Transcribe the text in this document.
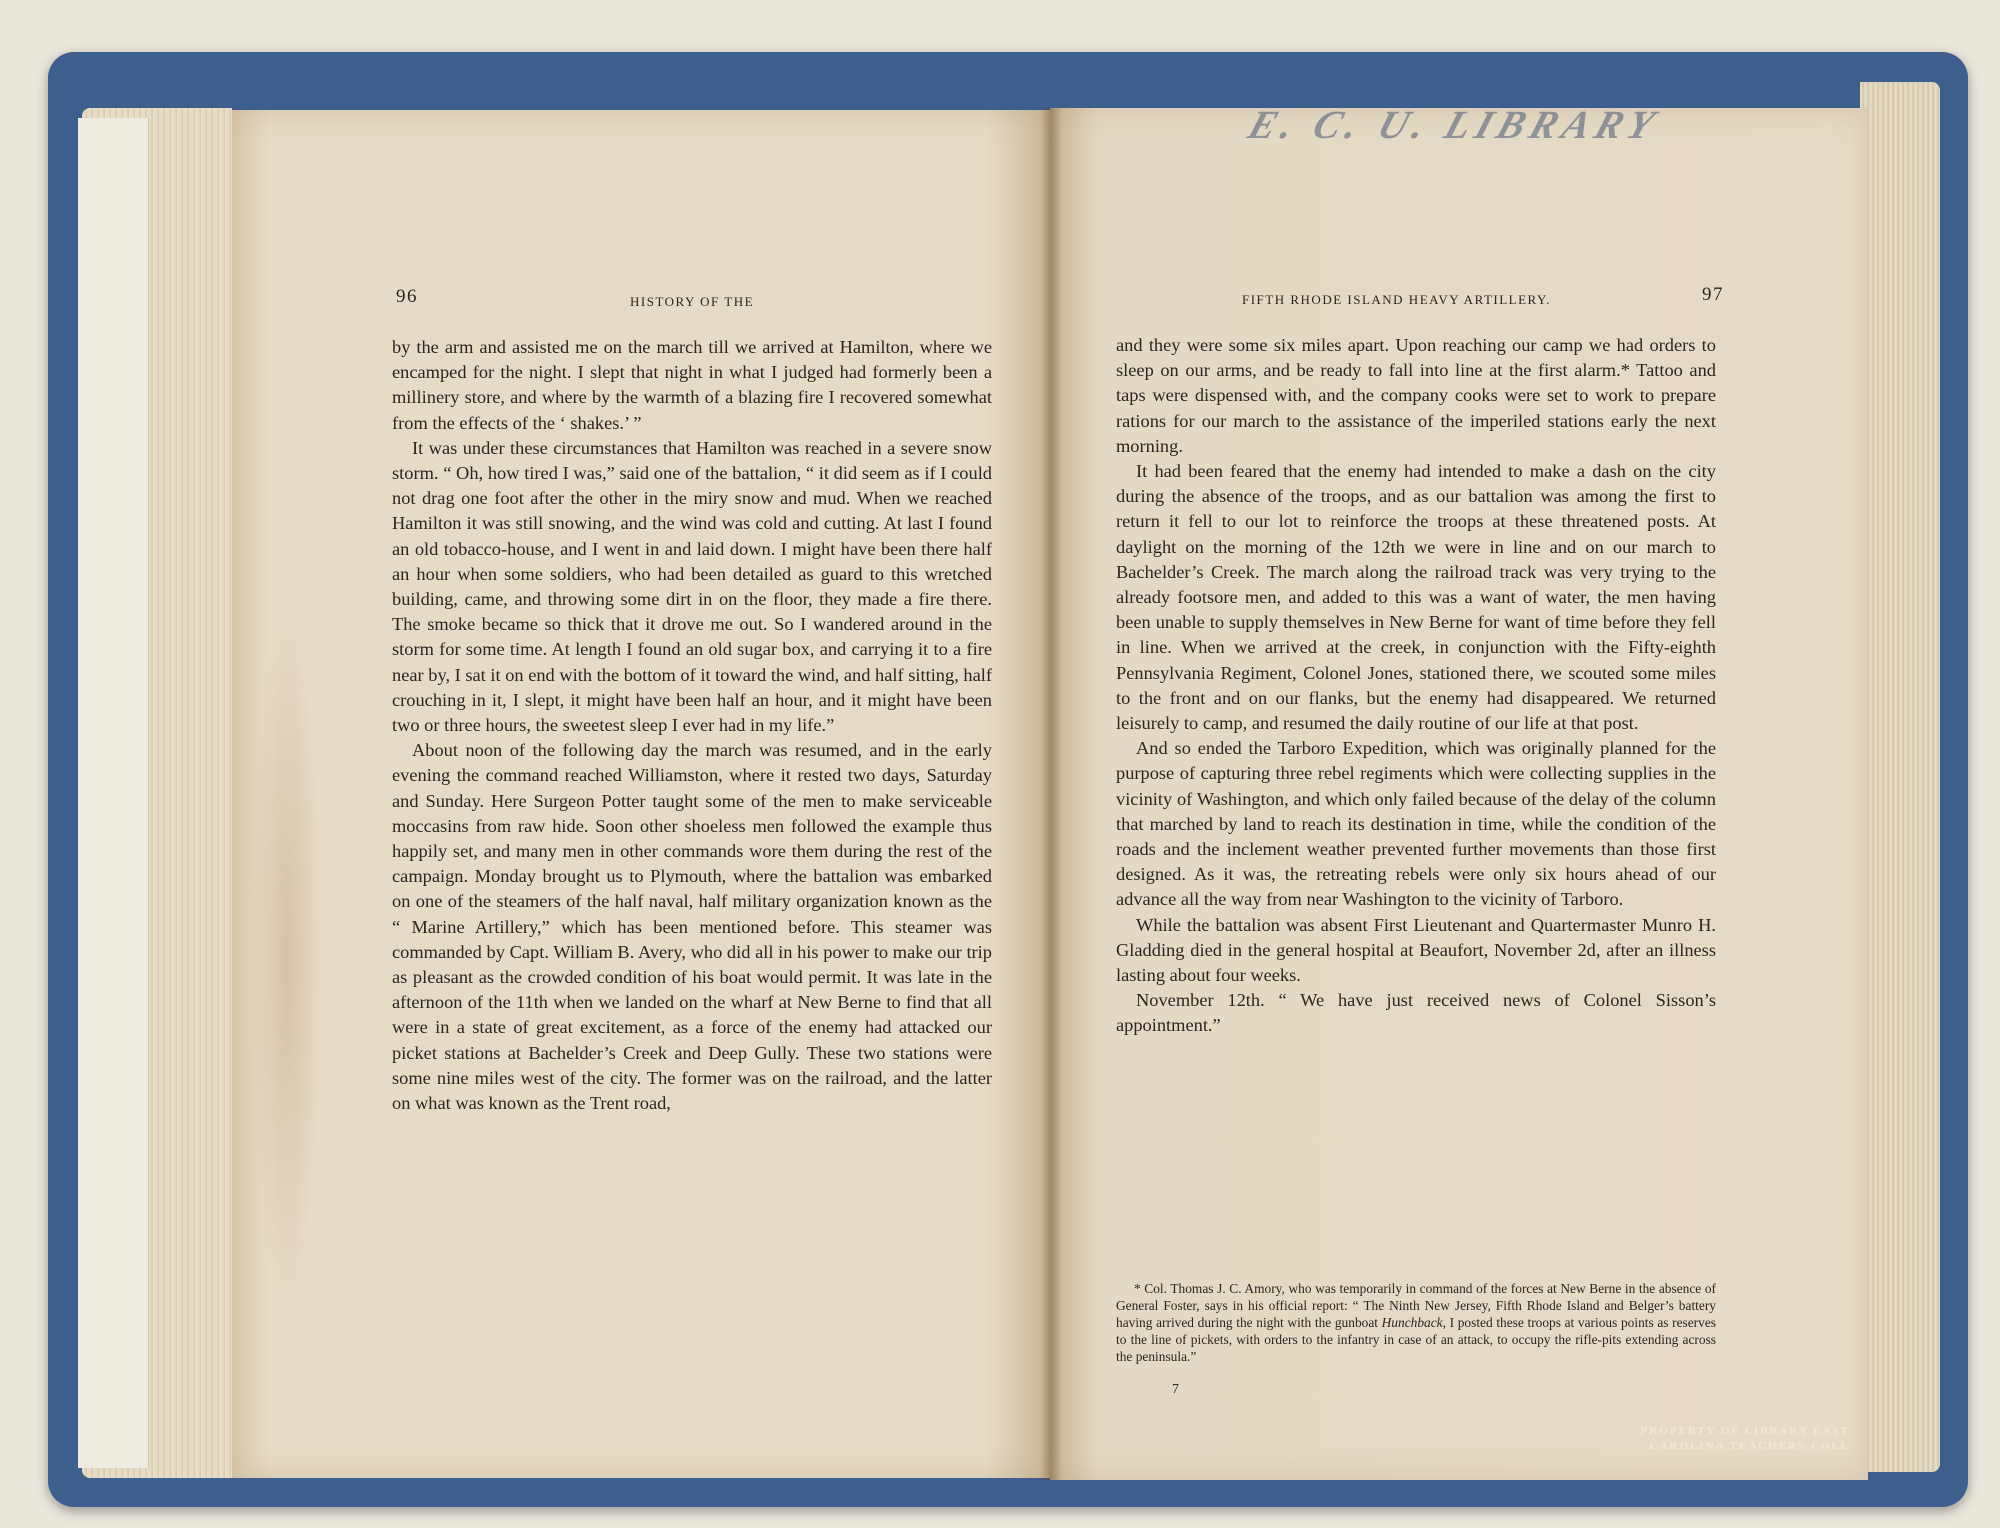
96	HISTORY OF THE

by the arm and assisted me on the march till we arrived at Hamilton, where we encamped for the night. I slept that night in what I judged had formerly been a millinery store, and where by the warmth of a blazing fire I recovered somewhat from the effects of the ‘ shakes.’ ”

It was under these circumstances that Hamilton was reached in a severe snow storm. “ Oh, how tired I was,” said one of the battalion, “ it did seem as if I could not drag one foot after the other in the miry snow and mud. When we reached Hamilton it was still snowing, and the wind was cold and cutting. At last I found an old tobacco-house, and I went in and laid down. I might have been there half an hour when some soldiers, who had been detailed as guard to this wretched building, came, and throwing some dirt in on the floor, they made a fire there. The smoke became so thick that it drove me out. So I wandered around in the storm for some time. At length I found an old sugar box, and carrying it to a fire near by, I sat it on end with the bottom of it toward the wind, and half sitting, half crouching in it, I slept, it might have been half an hour, and it might have been two or three hours, the sweetest sleep I ever had in my life.”

About noon of the following day the march was resumed, and in the early evening the command reached Williamston, where it rested two days, Saturday and Sunday. Here Surgeon Potter taught some of the men to make serviceable moccasins from raw hide. Soon other shoeless men followed the example thus happily set, and many men in other commands wore them during the rest of the campaign. Monday brought us to Plymouth, where the battalion was embarked on one of the steamers of the half naval, half military organization known as the “ Marine Artillery,” which has been mentioned before. This steamer was commanded by Capt. William B. Avery, who did all in his power to make our trip as pleasant as the crowded condition of his boat would permit. It was late in the afternoon of the 11th when we landed on the wharf at New Berne to find that all were in a state of great excitement, as a force of the enemy had attacked our picket stations at Bachelder’s Creek and Deep Gully. These two stations were some nine miles west of the city. The former was on the railroad, and the latter on what was known as the Trent road,

E. C. U. LIBRARY
FIFTH RHODE ISLAND HEAVY ARTILLERY.	97

and they were some six miles apart. Upon reaching our camp we had orders to sleep on our arms, and be ready to fall into line at the first alarm.* Tattoo and taps were dispensed with, and the company cooks were set to work to prepare rations for our march to the assistance of the imperiled stations early the next morning.

It had been feared that the enemy had intended to make a dash on the city during the absence of the troops, and as our battalion was among the first to return it fell to our lot to reinforce the troops at these threatened posts. At daylight on the morning of the 12th we were in line and on our march to Bachelder’s Creek. The march along the railroad track was very trying to the already footsore men, and added to this was a want of water, the men having been unable to supply themselves in New Berne for want of time before they fell in line. When we arrived at the creek, in conjunction with the Fifty-eighth Pennsylvania Regiment, Colonel Jones, stationed there, we scouted some miles to the front and on our flanks, but the enemy had disappeared. We returned leisurely to camp, and resumed the daily routine of our life at that post.

And so ended the Tarboro Expedition, which was originally planned for the purpose of capturing three rebel regiments which were collecting supplies in the vicinity of Washington, and which only failed because of the delay of the column that marched by land to reach its destination in time, while the condition of the roads and the inclement weather prevented further movements than those first designed. As it was, the retreating rebels were only six hours ahead of our advance all the way from near Washington to the vicinity of Tarboro.

While the battalion was absent First Lieutenant and Quartermaster Munro H. Gladding died in the general hospital at Beaufort, November 2d, after an illness lasting about four weeks.

November 12th. “ We have just received news of Colonel Sisson’s appointment.”

* Col. Thomas J. C. Amory, who was temporarily in command of the forces at New Berne in the absence of General Foster, says in his official report: “ The Ninth New Jersey, Fifth Rhode Island and Belger’s battery having arrived during the night with the gunboat Hunchback, I posted these troops at various points as reserves to the line of pickets, with orders to the infantry in case of an attack, to occupy the rifle-pits extending across the peninsula.”

7
PROPERTY OF LIBRARY EAST CAROLINA TEACHERS COLL
